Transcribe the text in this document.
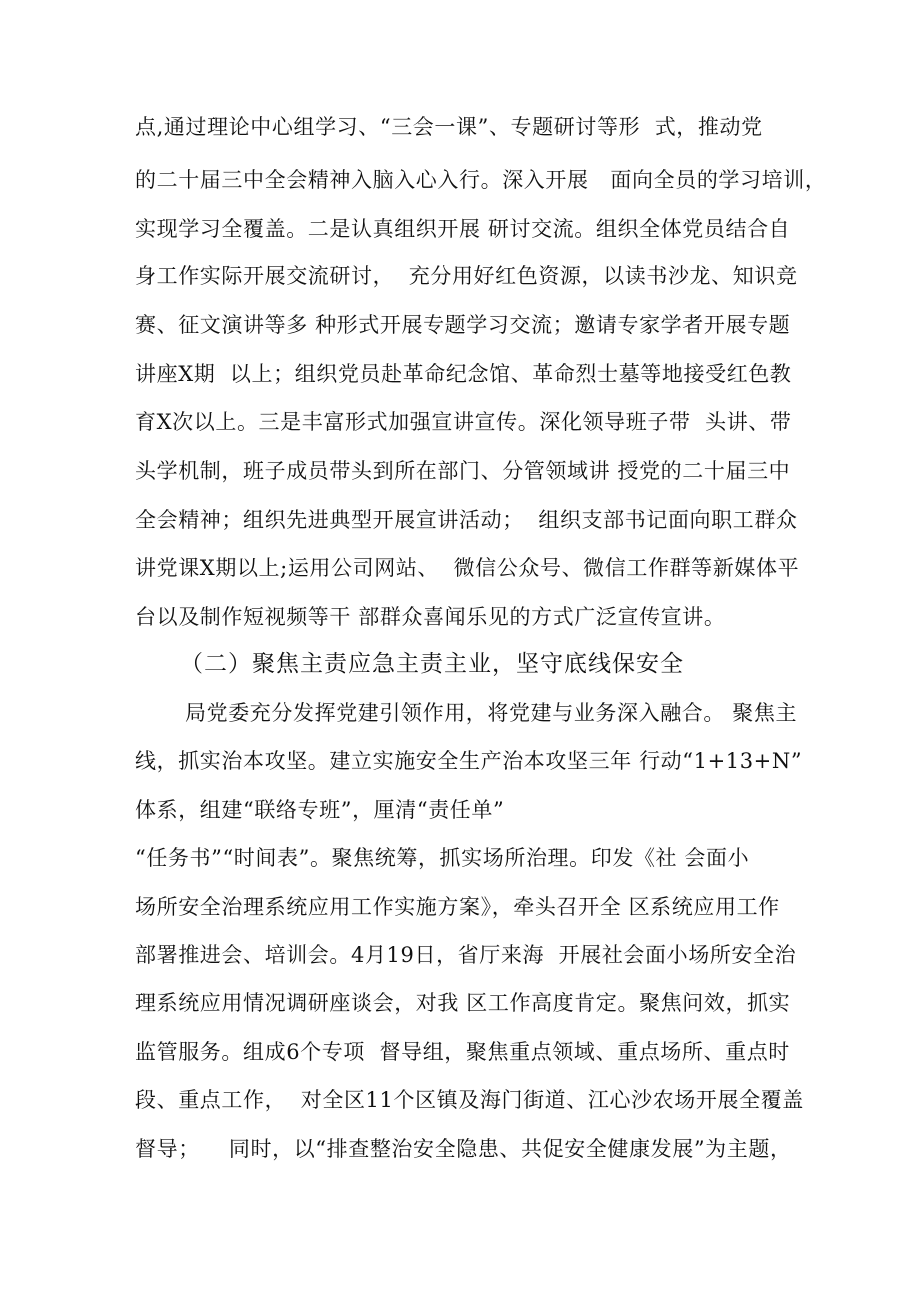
点,通过理论中心组学习、“三会一课”、专题研讨等形  式，推动党
的二十届三中全会精神入脑入心入行。深入开展   面向全员的学习培训，
实现学习全覆盖。二是认真组织开展 研讨交流。组织全体党员结合自
身工作实际开展交流研讨，  充分用好红色资源，以读书沙龙、知识竞
赛、征文演讲等多 种形式开展专题学习交流；邀请专家学者开展专题
讲座X期  以上；组织党员赴革命纪念馆、革命烈士墓等地接受红色教
育X次以上。三是丰富形式加强宣讲宣传。深化领导班子带  头讲、带
头学机制，班子成员带头到所在部门、分管领域讲 授党的二十届三中
全会精神；组织先进典型开展宣讲活动；  组织支部书记面向职工群众
讲党课X期以上;运用公司网站、  微信公众号、微信工作群等新媒体平
台以及制作短视频等干 部群众喜闻乐见的方式广泛宣传宣讲。
（二）聚焦主责应急主责主业，坚守底线保安全
局党委充分发挥党建引领作用，将党建与业务深入融合。 聚焦主
线，抓实治本攻坚。建立实施安全生产治本攻坚三年 行动“1+13+N”
体系，组建“联络专班”，厘清“责任单”
“任务书”“时间表”。聚焦统筹，抓实场所治理。印发《社 会面小
场所安全治理系统应用工作实施方案》，牵头召开全 区系统应用工作
部署推进会、培训会。4月19日，省厅来海  开展社会面小场所安全治
理系统应用情况调研座谈会，对我 区工作高度肯定。聚焦问效，抓实
监管服务。组成6个专项  督导组，聚焦重点领域、重点场所、重点时
段、重点工作，  对全区11个区镇及海门街道、江心沙农场开展全覆盖
督导；    同时，以“排查整治安全隐患、共促安全健康发展”为主题，
